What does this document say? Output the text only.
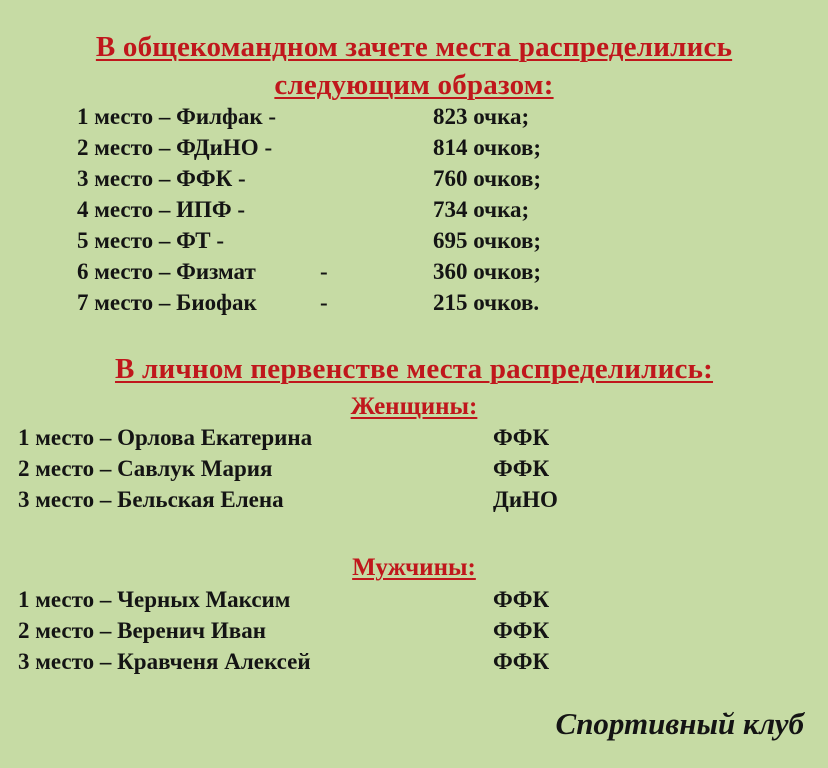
В общекомандном зачете места распределились
следующим образом:
1 место – Филфак -	823 очка;
2 место – ФДиНО -	814 очков;
3 место – ФФК -	760 очков;
4 место – ИПФ -	734 очка;
5 место – ФТ -	695 очков;
6 место – Физмат	-	360 очков;
7 место – Биофак	-	215 очков.
В личном первенстве места распределились:
Женщины:
1 место – Орлова Екатерина	ФФК
2 место – Савлук Мария	ФФК
3 место – Бельская Елена	ДиНО
Мужчины:
1 место – Черных Максим	ФФК
2 место – Веренич Иван	ФФК
3 место – Кравченя Алексей	ФФК
Спортивный клуб
